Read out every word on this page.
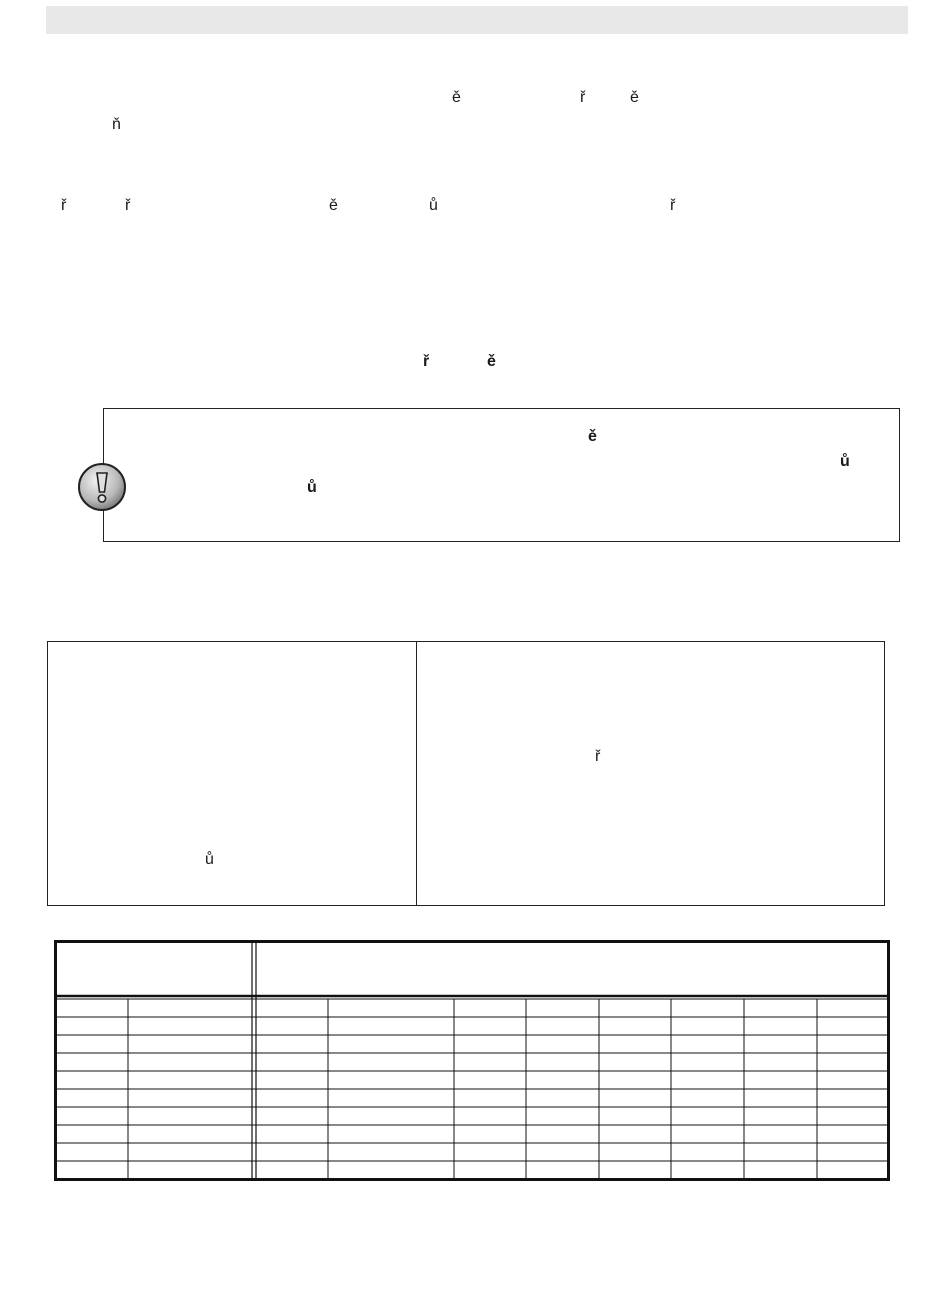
ě	ř	ě
ň
ř	ř	ě	ů	ř
ř	ě
ě
ů
ů
ů
ř
